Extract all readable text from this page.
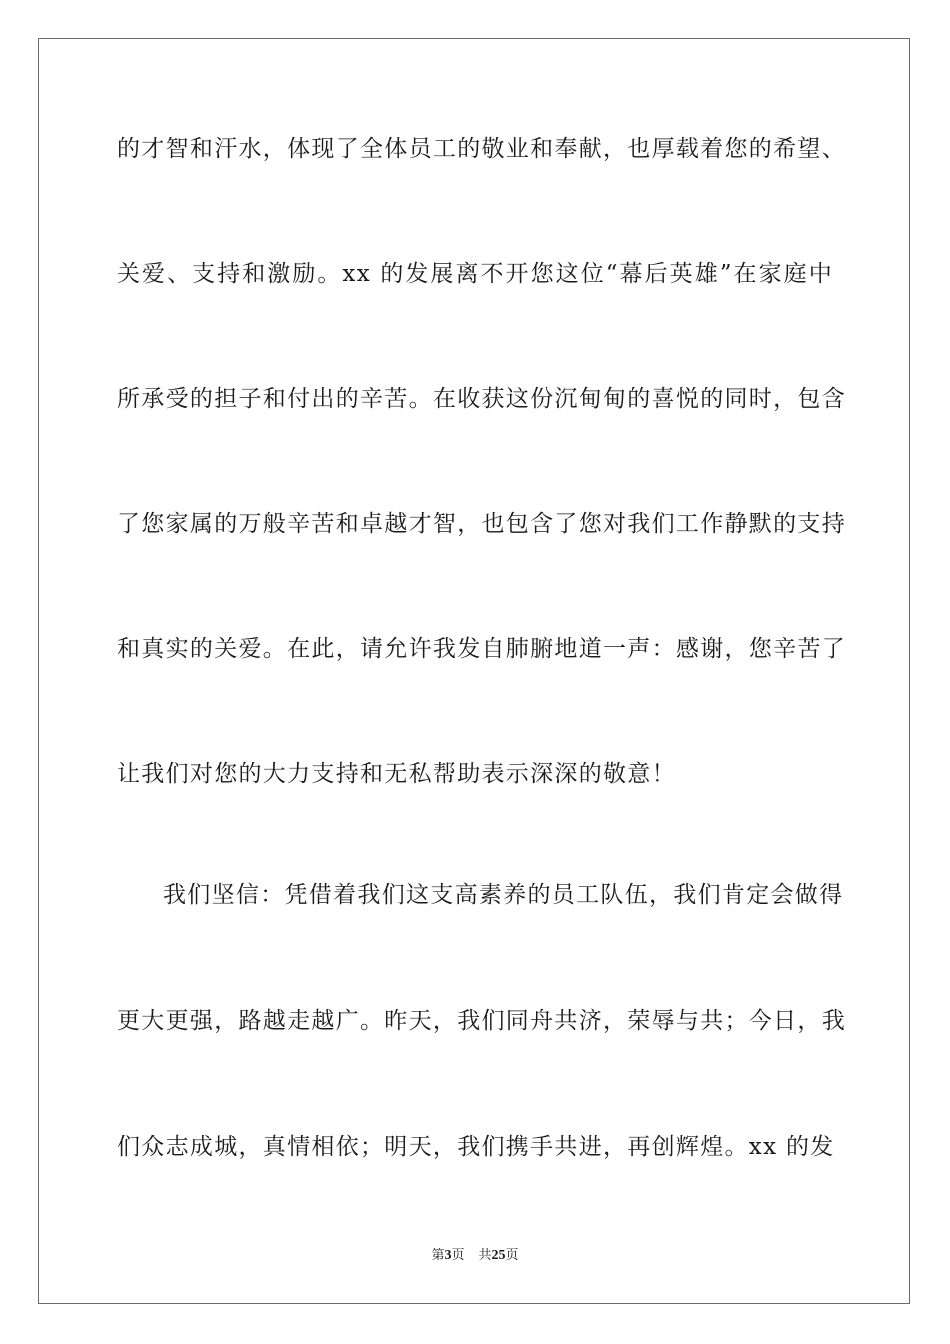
的才智和汗水，体现了全体员工的敬业和奉献，也厚载着您的希望、
关爱、支持和激励。xx 的发展离不开您这位“幕后英雄”在家庭中
所承受的担子和付出的辛苦。在收获这份沉甸甸的喜悦的同时，包含
了您家属的万般辛苦和卓越才智，也包含了您对我们工作静默的支持
和真实的关爱。在此，请允许我发自肺腑地道一声：感谢，您辛苦了
让我们对您的大力支持和无私帮助表示深深的敬意！
我们坚信：凭借着我们这支高素养的员工队伍，我们肯定会做得
更大更强，路越走越广。昨天，我们同舟共济，荣辱与共；今日，我
们众志成城，真情相依；明天，我们携手共进，再创辉煌。xx 的发
第3页 共25页
